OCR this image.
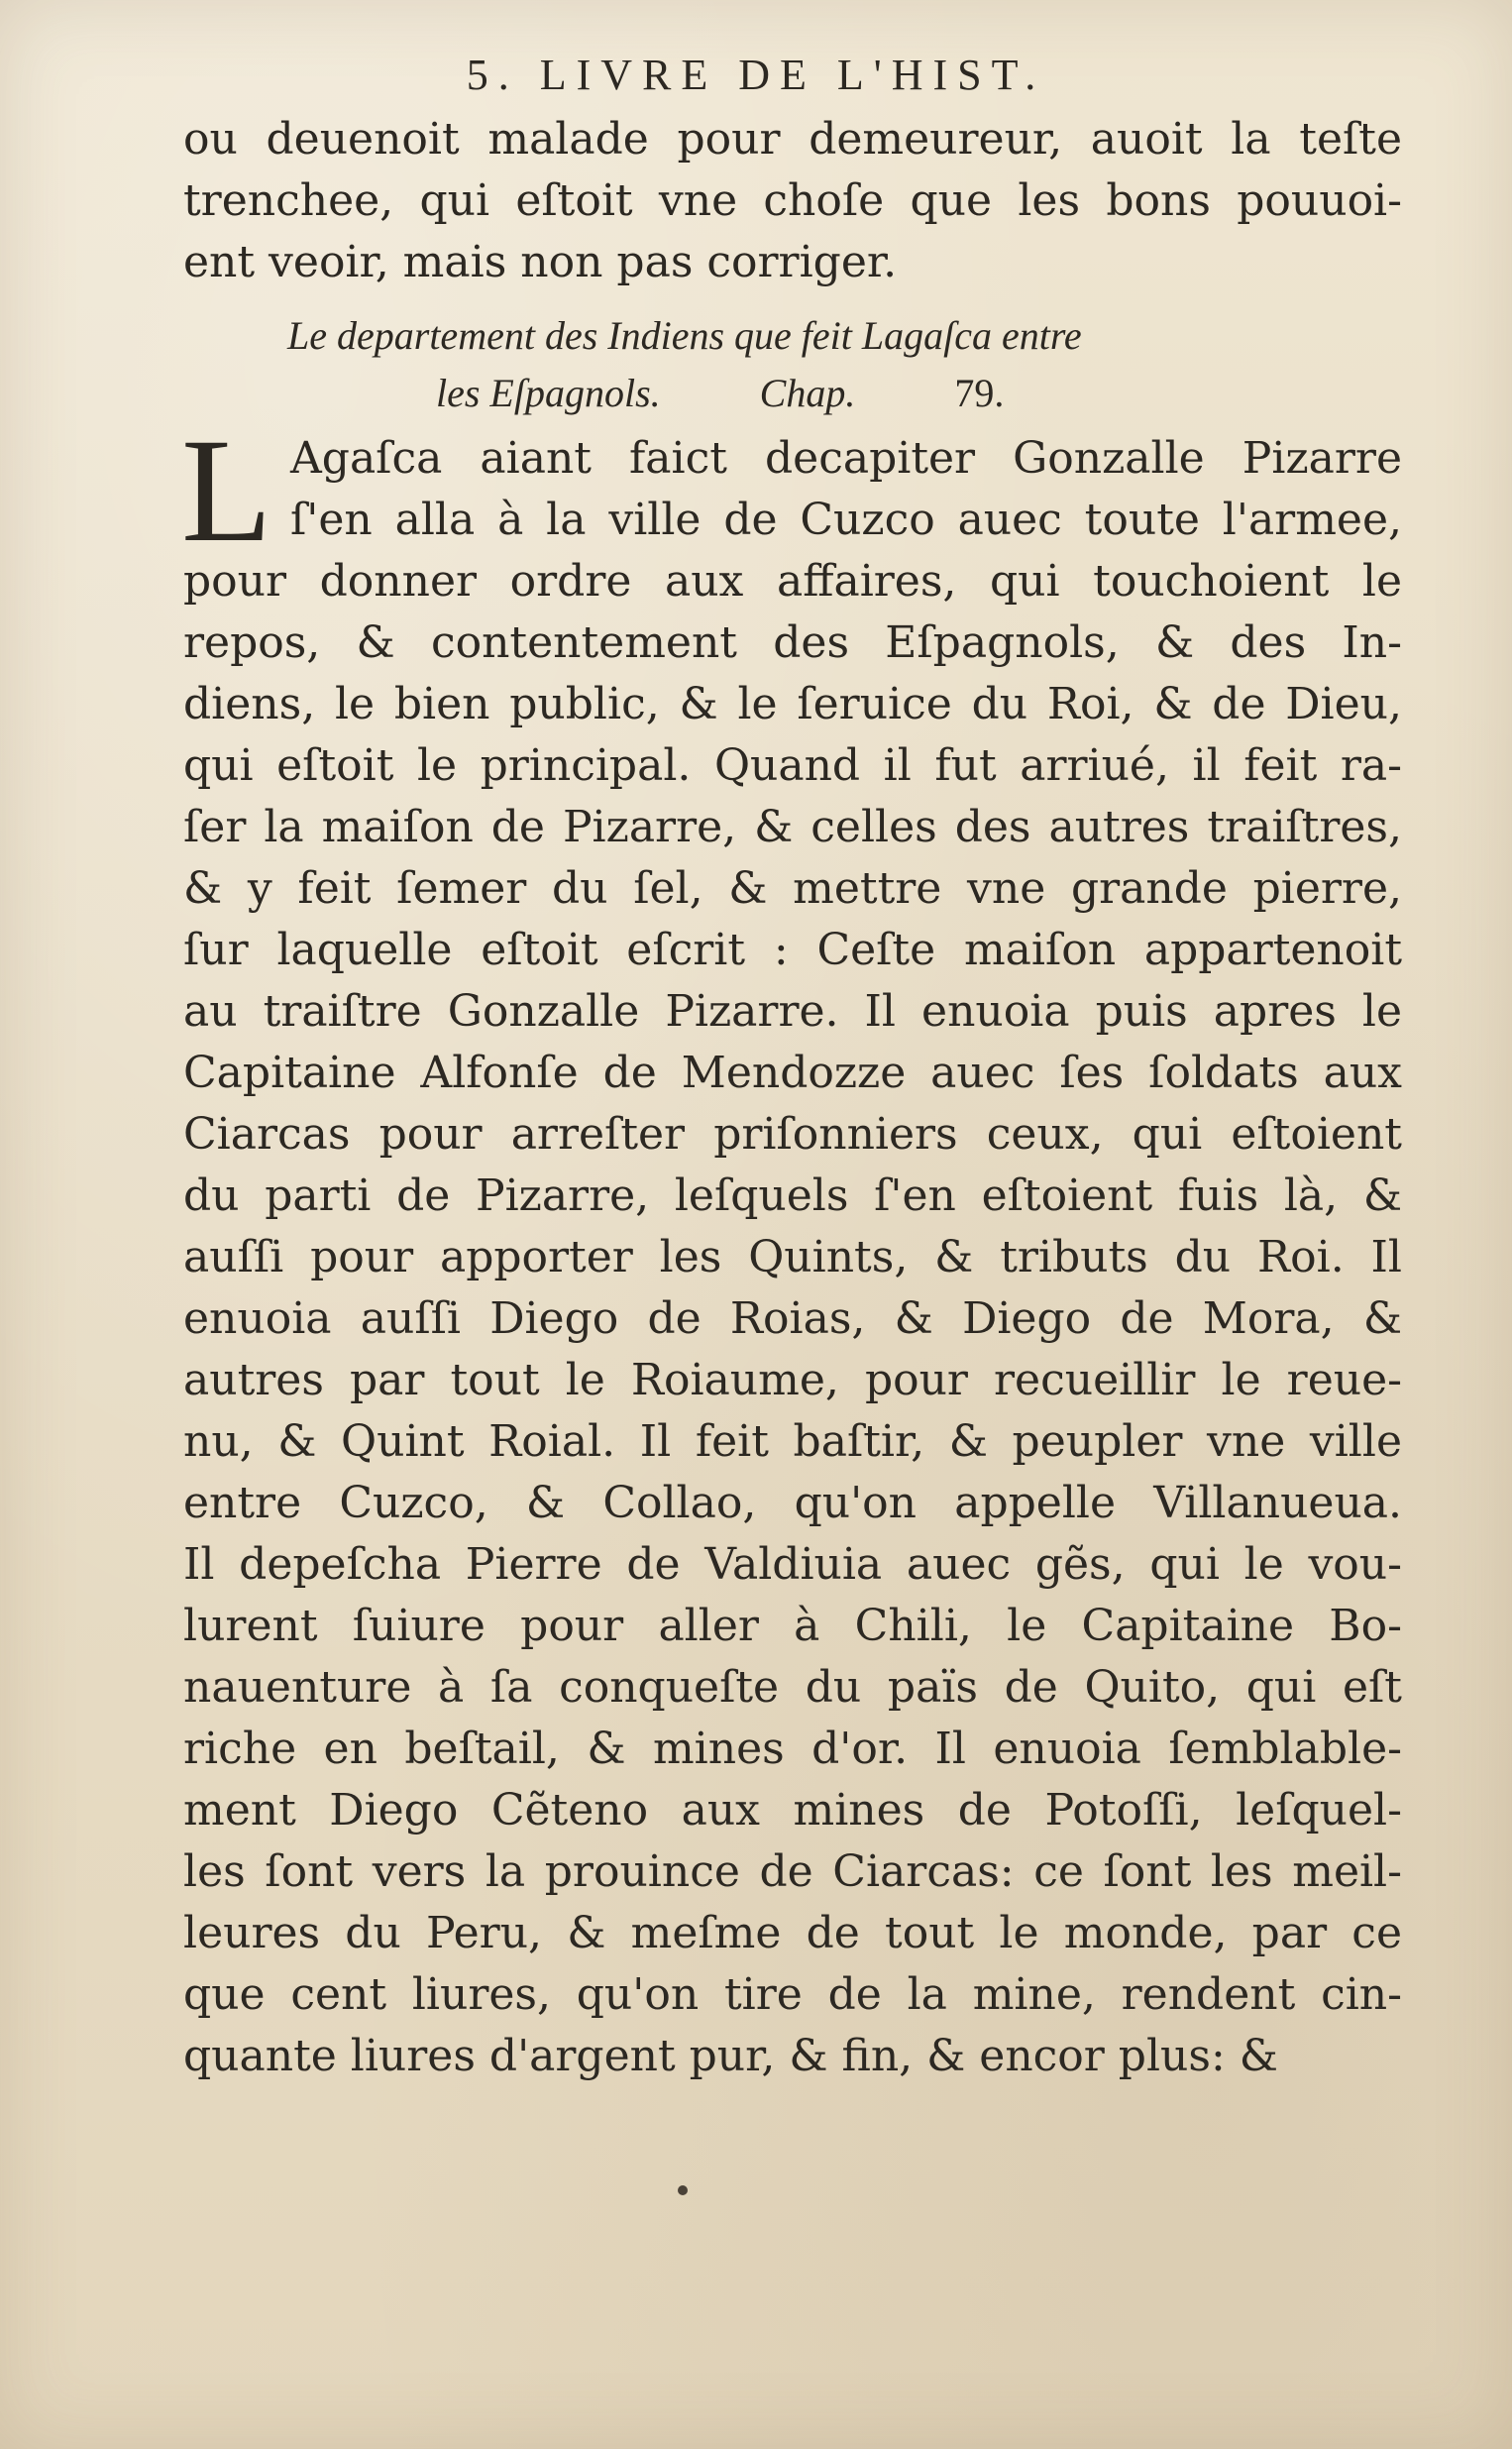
5. LIVRE DE L'HIST.
ou deuenoit malade pour demeureur, auoit la teſte
trenchee, qui eſtoit vne choſe que les bons pouuoi-
ent veoir, mais non pas corriger.
Le departement des Indiens que feit Lagaſca entre
les Eſpagnols.	Chap.	79.
L Agaſca aiant faict decapiter Gonzalle Pizarre
ſ'en alla à la ville de Cuzco auec toute l'armee,
pour donner ordre aux affaires, qui touchoient le
repos, & contentement des Eſpagnols, & des In-
diens, le bien public, & le ſeruice du Roi, & de Dieu,
qui eſtoit le principal. Quand il fut arriué, il feit ra-
ſer la maiſon de Pizarre, & celles des autres traiſtres,
& y feit ſemer du ſel, & mettre vne grande pierre,
ſur laquelle eſtoit eſcrit : Ceſte maiſon appartenoit
au traiſtre Gonzalle Pizarre. Il enuoia puis apres le
Capitaine Alfonſe de Mendozze auec ſes ſoldats aux
Ciarcas pour arreſter priſonniers ceux, qui eſtoient
du parti de Pizarre, leſquels ſ'en eſtoient fuis là, &
auſſi pour apporter les Quints, & tributs du Roi. Il
enuoia auſſi Diego de Roias, & Diego de Mora, &
autres par tout le Roiaume, pour recueillir le reue-
nu, & Quint Roial. Il feit baſtir, & peupler vne ville
entre Cuzco, & Collao, qu'on appelle Villanueua.
Il depeſcha Pierre de Valdiuia auec gẽs, qui le vou-
lurent ſuiure pour aller à Chili, le Capitaine Bo-
nauenture à ſa conqueſte du païs de Quito, qui eſt
riche en beſtail, & mines d'or. Il enuoia ſemblable-
ment Diego Cẽteno aux mines de Potoſſi, leſquel-
les ſont vers la prouince de Ciarcas: ce ſont les meil-
leures du Peru, & meſme de tout le monde, par ce
que cent liures, qu'on tire de la mine, rendent cin-
quante liures d'argent pur, & fin, & encor plus: &
